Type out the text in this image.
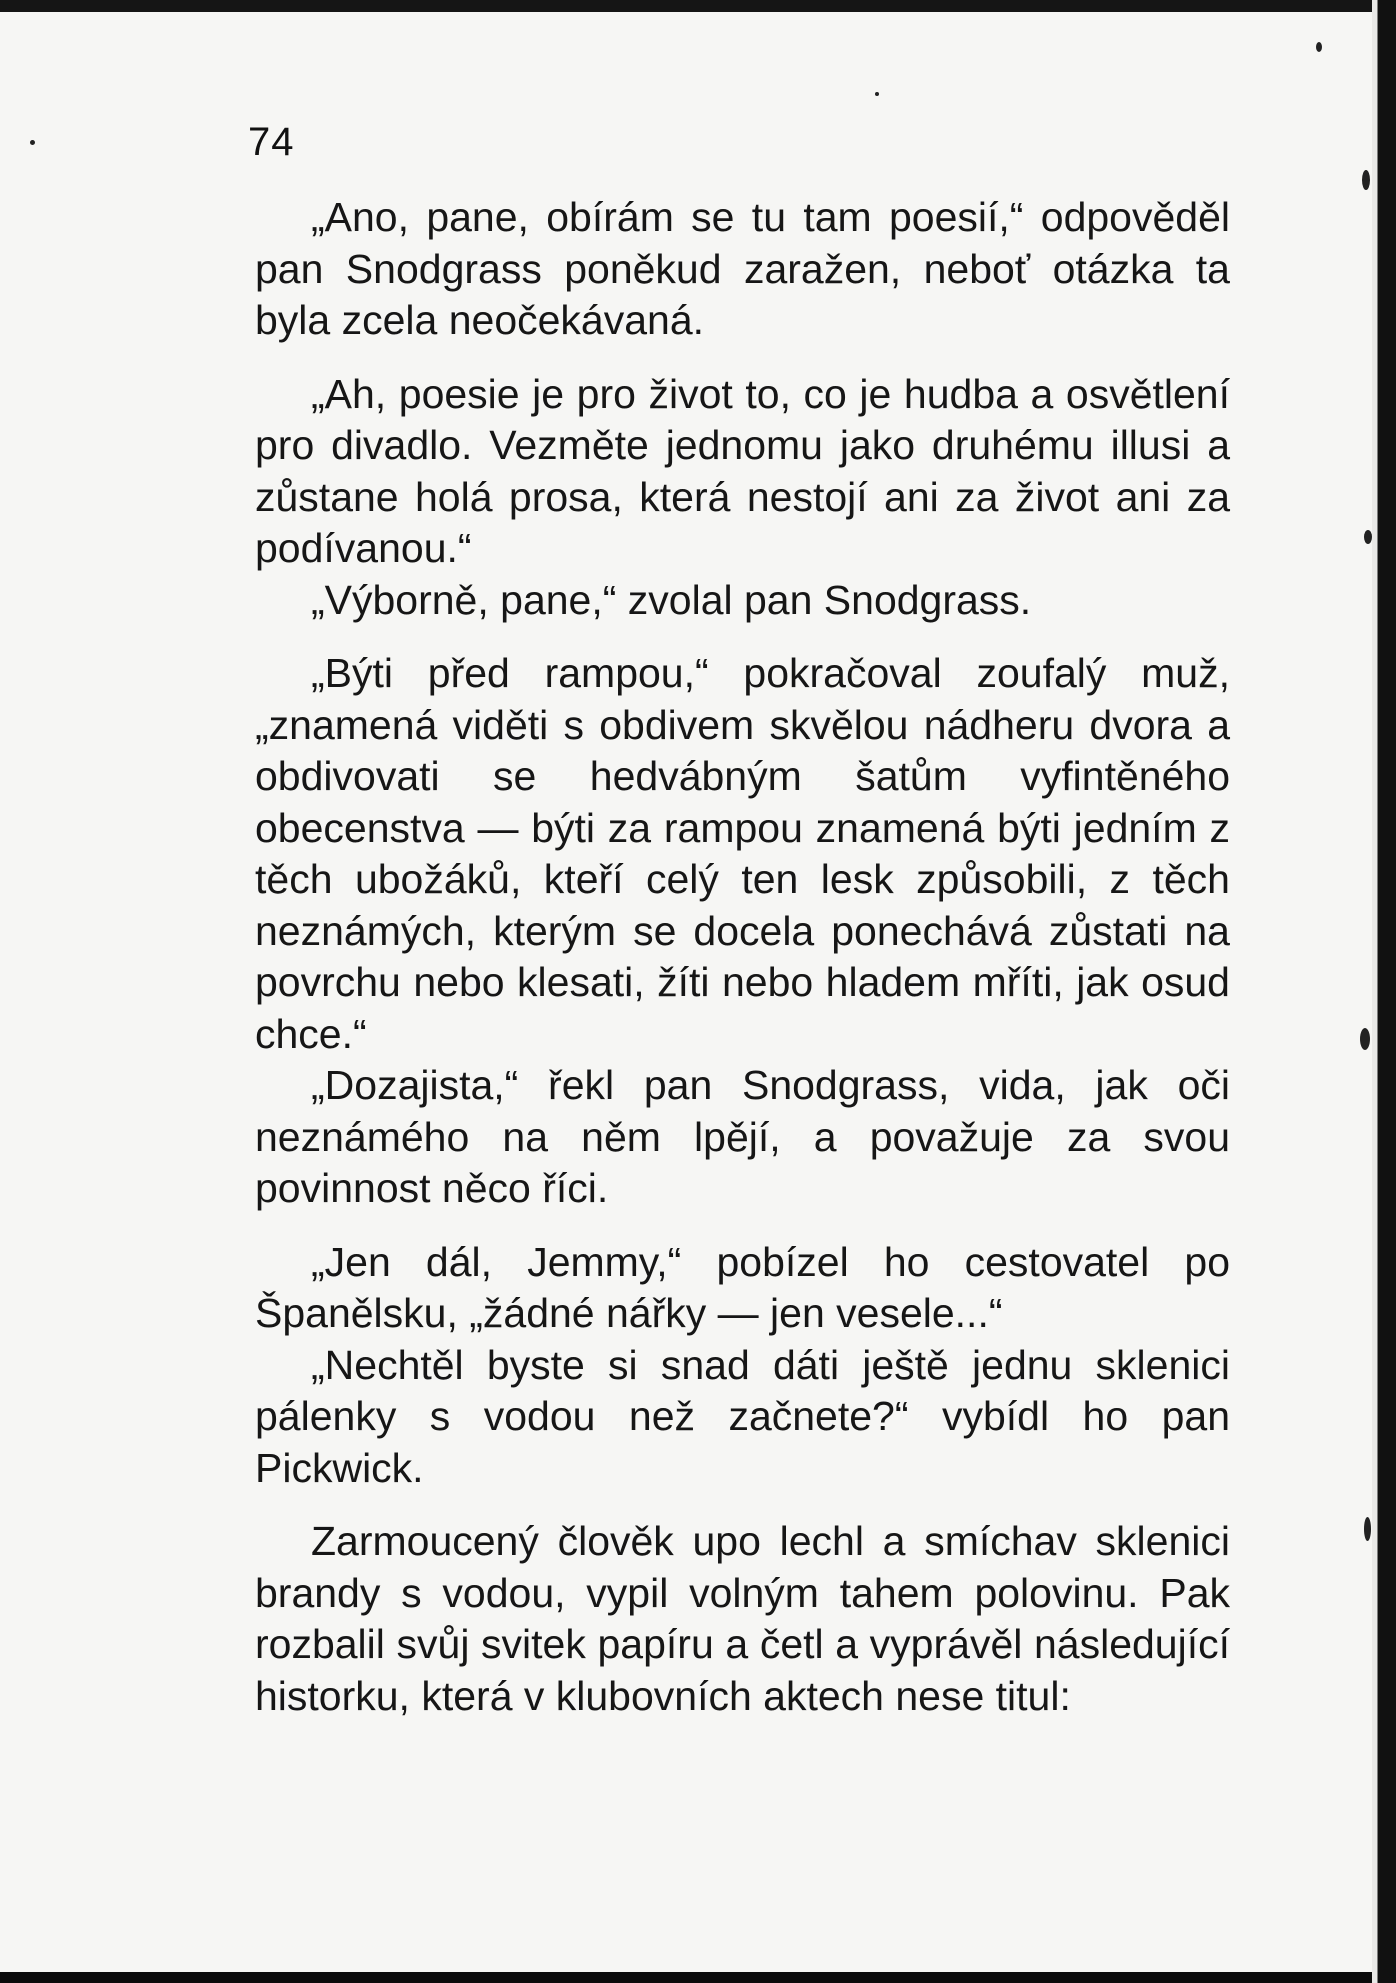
74

„Ano, pane, obírám se tu tam poesií,“ odpověděl pan Snodgrass poněkud zaražen, neboť otázka ta byla zcela neočekávaná.

„Ah, poesie je pro život to, co je hudba a osvětlení pro divadlo. Vezměte jednomu jako druhému illusi a zůstane holá prosa, která nestojí ani za život ani za podívanou.“

„Výborně, pane,“ zvolal pan Snodgrass.

„Býti před rampou,“ pokračoval zoufalý muž, „znamená viděti s obdivem skvělou nádheru dvora a obdivovati se hedvábným šatům vyfintěného obecenstva — býti za rampou znamená býti jedním z těch ubožáků, kteří celý ten lesk způsobili, z těch neznámých, kterým se docela ponechává zůstati na povrchu nebo klesati, žíti nebo hladem mříti, jak osud chce.“

„Dozajista,“ řekl pan Snodgrass, vida, jak oči neznámého na něm lpějí, a považuje za svou povinnost něco říci.

„Jen dál, Jemmy,“ pobízel ho cestovatel po Španělsku, „žádné nářky — jen vesele...“

„Nechtěl byste si snad dáti ještě jednu sklenici pálenky s vodou než začnete?“ vybídl ho pan Pickwick.

Zarmoucený člověk upo lechl a smíchav sklenici brandy s vodou, vypil volným tahem polovinu. Pak rozbalil svůj svitek papíru a četl a vyprávěl následující historku, která v klubovních aktech nese titul:
